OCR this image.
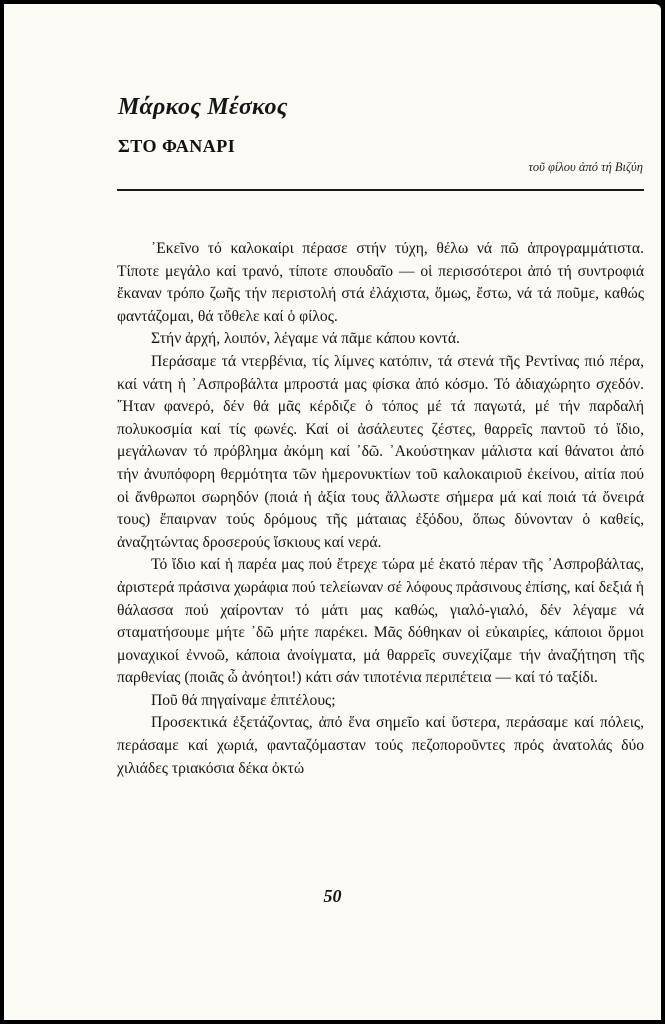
Μάρκος Μέσκος
ΣΤΟ ΦΑΝΑΡΙ

τοῦ φίλου ἀπό τή Βιζύη

᾿Εκεῖνο τό καλοκαίρι πέρασε στήν τύχη, θέλω νά πῶ ἀπρογραμμάτιστα. Τίποτε μεγάλο καί τρανό, τίποτε σπουδαῖο — οἱ περισσότεροι ἀπό τή συντροφιά ἔκαναν τρόπο ζωῆς τήν περιστολή στά ἐλάχιστα, ὅμως, ἔστω, νά τά ποῦμε, καθώς φαντάζομαι, θά τὄθελε καί ὁ φίλος.

Στήν ἀρχή, λοιπόν, λέγαμε νά πᾶμε κάπου κοντά.

Περάσαμε τά ντερβένια, τίς λίμνες κατόπιν, τά στενά τῆς Ρεντίνας πιό πέρα, καί νάτη ἡ ᾿Ασπροβάλτα μπροστά μας φίσκα ἀπό κόσμο. Τό ἀδιαχώρητο σχεδόν. ῎Ηταν φανερό, δέν θά μᾶς κέρδιζε ὁ τόπος μέ τά παγωτά, μέ τήν παρδαλή πολυκοσμία καί τίς φωνές. Καί οἱ ἀσάλευτες ζέστες, θαρρεῖς παντοῦ τό ἴδιο, μεγάλωναν τό πρόβλημα ἀκόμη καί ᾿δῶ. ᾿Ακούστηκαν μάλιστα καί θάνατοι ἀπό τήν ἀνυπόφορη θερμότητα τῶν ἡμερονυκτίων τοῦ καλοκαιριοῦ ἐκείνου, αἰτία πού οἱ ἄνθρωποι σωρηδόν (ποιά ἡ ἀξία τους ἄλλωστε σήμερα μά καί ποιά τά ὄνειρά τους) ἔπαιρναν τούς δρόμους τῆς μάταιας ἐξόδου, ὅπως δύνονταν ὁ καθείς, ἀναζητώντας δροσερούς ἴσκιους καί νερά.

Τό ἴδιο καί ἡ παρέα μας πού ἔτρεχε τώρα μέ ἑκατό πέραν τῆς ᾿Ασπροβάλτας, ἀριστερά πράσινα χωράφια πού τελείωναν σέ λόφους πράσινους ἐπίσης, καί δεξιά ἡ θάλασσα πού χαίρονταν τό μάτι μας καθώς, γιαλό-γιαλό, δέν λέγαμε νά σταματήσουμε μήτε ᾿δῶ μήτε παρέκει. Μᾶς δόθηκαν οἱ εὐκαιρίες, κάποιοι ὅρμοι μοναχικοί ἐννοῶ, κάποια ἀνοίγματα, μά θαρρεῖς συνεχίζαμε τήν ἀναζήτηση τῆς παρθενίας (ποιᾶς ὦ ἀνόητοι!) κάτι σάν τιποτένια περιπέτεια — καί τό ταξίδι.

Ποῦ θά πηγαίναμε ἐπιτέλους;

Προσεκτικά ἐξετάζοντας, ἀπό ἕνα σημεῖο καί ὕστερα, περάσαμε καί πόλεις, περάσαμε καί χωριά, φανταζόμασταν τούς πεζοποροῦντες πρός ἀνατολάς δύο χιλιάδες τριακόσια δέκα ὀκτώ

50
